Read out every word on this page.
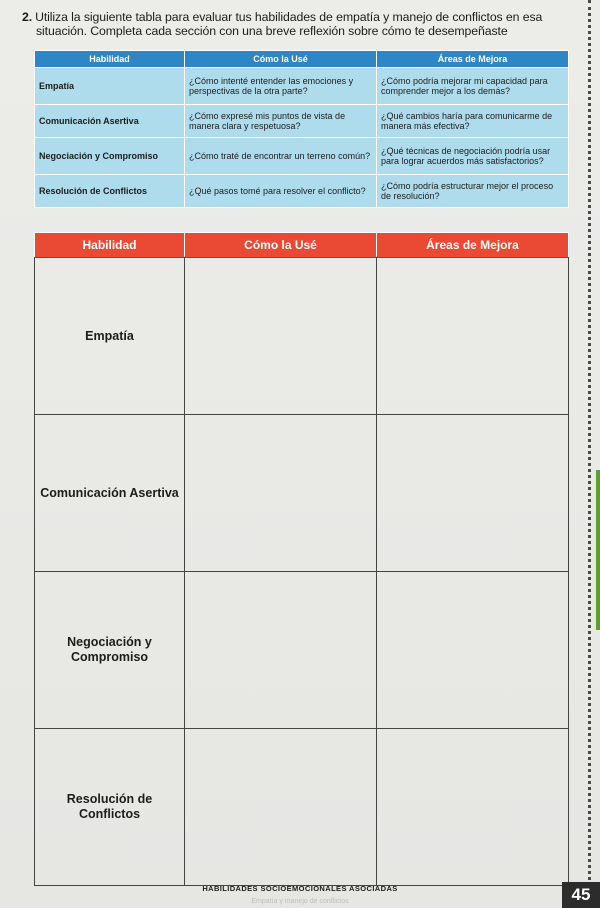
2. Utiliza la siguiente tabla para evaluar tus habilidades de empatía y manejo de conflictos en esa
situación. Completa cada sección con una breve reflexión sobre cómo te desempeñaste
Habilidad	Cómo la Usé	Áreas de Mejora
Empatía	¿Cómo intenté entender las emociones y perspectivas de la otra parte?	¿Cómo podría mejorar mi capacidad para comprender mejor a los demás?
Comunicación Asertiva	¿Cómo expresé mis puntos de vista de manera clara y respetuosa?	¿Qué cambios haría para comunicarme de manera más efectiva?
Negociación y Compromiso	¿Cómo traté de encontrar un terreno común?	¿Qué técnicas de negociación podría usar para lograr acuerdos más satisfactorios?
Resolución de Conflictos	¿Qué pasos tomé para resolver el conflicto?	¿Cómo podría estructurar mejor el proceso de resolución?
Habilidad	Cómo la Usé	Áreas de Mejora
Empatía		
Comunicación Asertiva		
Negociación y Compromiso		
Resolución de Conflictos		
HABILIDADES SOCIOEMOCIONALES ASOCIADAS
Empatía y manejo de conflictos	45
